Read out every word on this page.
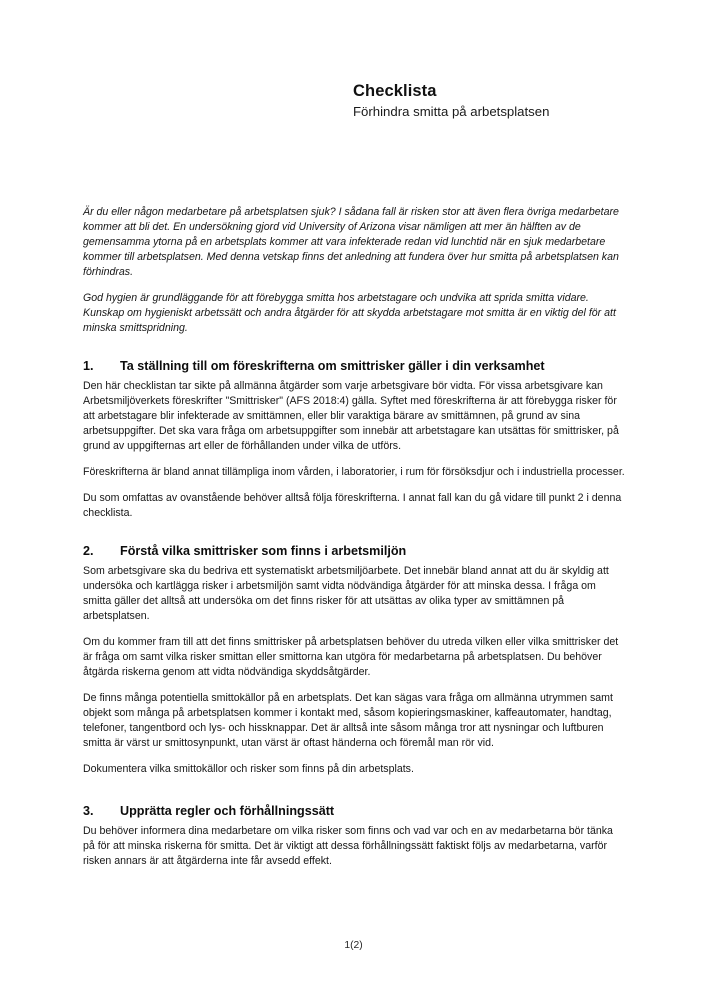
Checklista

Förhindra smitta på arbetsplatsen

Är du eller någon medarbetare på arbetsplatsen sjuk? I sådana fall är risken stor att även flera övriga medarbetare kommer att bli det. En undersökning gjord vid University of Arizona visar nämligen att mer än hälften av de gemensamma ytorna på en arbetsplats kommer att vara infekterade redan vid lunchtid när en sjuk medarbetare kommer till arbetsplatsen. Med denna vetskap finns det anledning att fundera över hur smitta på arbetsplatsen kan förhindras.

God hygien är grundläggande för att förebygga smitta hos arbetstagare och undvika att sprida smitta vidare. Kunskap om hygieniskt arbetssätt och andra åtgärder för att skydda arbetstagare mot smitta är en viktig del för att minska smittspridning.

1. Ta ställning till om föreskrifterna om smittrisker gäller i din verksamhet

Den här checklistan tar sikte på allmänna åtgärder som varje arbetsgivare bör vidta. För vissa arbetsgivare kan Arbetsmiljöverkets föreskrifter "Smittrisker" (AFS 2018:4) gälla. Syftet med föreskrifterna är att förebygga risker för att arbetstagare blir infekterade av smittämnen, eller blir varaktiga bärare av smittämnen, på grund av sina arbetsuppgifter. Det ska vara fråga om arbetsuppgifter som innebär att arbetstagare kan utsättas för smittrisker, på grund av uppgifternas art eller de förhållanden under vilka de utförs.

Föreskrifterna är bland annat tillämpliga inom vården, i laboratorier, i rum för försöksdjur och i industriella processer.

Du som omfattas av ovanstående behöver alltså följa föreskrifterna. I annat fall kan du gå vidare till punkt 2 i denna checklista.

2. Förstå vilka smittrisker som finns i arbetsmiljön

Som arbetsgivare ska du bedriva ett systematiskt arbetsmiljöarbete. Det innebär bland annat att du är skyldig att undersöka och kartlägga risker i arbetsmiljön samt vidta nödvändiga åtgärder för att minska dessa. I fråga om smitta gäller det alltså att undersöka om det finns risker för att utsättas av olika typer av smittämnen på arbetsplatsen.

Om du kommer fram till att det finns smittrisker på arbetsplatsen behöver du utreda vilken eller vilka smittrisker det är fråga om samt vilka risker smittan eller smittorna kan utgöra för medarbetarna på arbetsplatsen. Du behöver åtgärda riskerna genom att vidta nödvändiga skyddsåtgärder.

De finns många potentiella smittokällor på en arbetsplats. Det kan sägas vara fråga om allmänna utrymmen samt objekt som många på arbetsplatsen kommer i kontakt med, såsom kopieringsmaskiner, kaffeautomater, handtag, telefoner, tangentbord och lys- och hissknappar. Det är alltså inte såsom många tror att nysningar och luftburen smitta är värst ur smittosynpunkt, utan värst är oftast händerna och föremål man rör vid.

Dokumentera vilka smittokällor och risker som finns på din arbetsplats.

3. Upprätta regler och förhållningssätt

Du behöver informera dina medarbetare om vilka risker som finns och vad var och en av medarbetarna bör tänka på för att minska riskerna för smitta. Det är viktigt att dessa förhållningssätt faktiskt följs av medarbetarna, varför risken annars är att åtgärderna inte får avsedd effekt.

1(2)
